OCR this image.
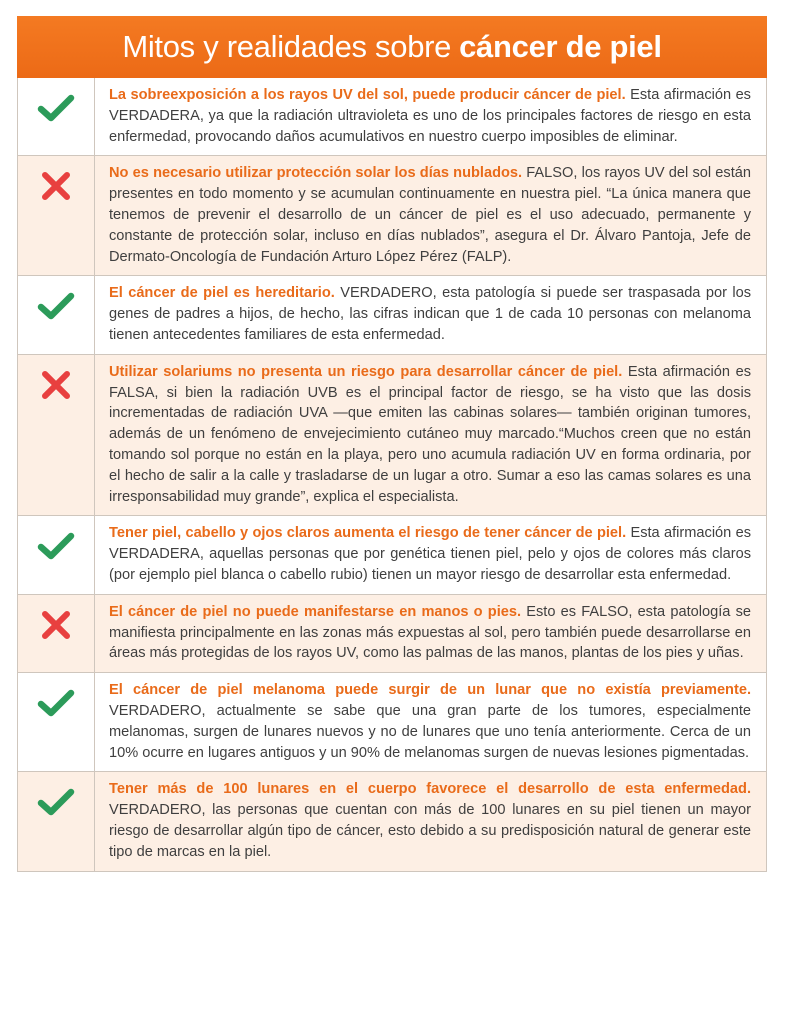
Mitos y realidades sobre cáncer de piel
La sobreexposición a los rayos UV del sol, puede producir cáncer de piel. Esta afirmación es VERDADERA, ya que la radiación ultravioleta es uno de los principales factores de riesgo en esta enfermedad, provocando daños acumulativos en nuestro cuerpo imposibles de eliminar.
No es necesario utilizar protección solar los días nublados. FALSO, los rayos UV del sol están presentes en todo momento y se acumulan continuamente en nuestra piel. “La única manera que tenemos de prevenir el desarrollo de un cáncer de piel es el uso adecuado, permanente y constante de protección solar, incluso en días nublados”, asegura el Dr. Álvaro Pantoja, Jefe de Dermato-Oncología de Fundación Arturo López Pérez (FALP).
El cáncer de piel es hereditario. VERDADERO, esta patología si puede ser traspasada por los genes de padres a hijos, de hecho, las cifras indican que 1 de cada 10 personas con melanoma tienen antecedentes familiares de esta enfermedad.
Utilizar solariums no presenta un riesgo para desarrollar cáncer de piel. Esta afirmación es FALSA, si bien la radiación UVB es el principal factor de riesgo, se ha visto que las dosis incrementadas de radiación UVA —que emiten las cabinas solares— también originan tumores, además de un fenómeno de envejecimiento cutáneo muy marcado.“Muchos creen que no están tomando sol porque no están en la playa, pero uno acumula radiación UV en forma ordinaria, por el hecho de salir a la calle y trasladarse de un lugar a otro. Sumar a eso las camas solares es una irresponsabilidad muy grande”, explica el especialista.
Tener piel, cabello y ojos claros aumenta el riesgo de tener cáncer de piel. Esta afirmación es VERDADERA, aquellas personas que por genética tienen piel, pelo y ojos de colores más claros (por ejemplo piel blanca o cabello rubio) tienen un mayor riesgo de desarrollar esta enfermedad.
El cáncer de piel no puede manifestarse en manos o pies. Esto es FALSO, esta patología se manifiesta principalmente en las zonas más expuestas al sol, pero también puede desarrollarse en áreas más protegidas de los rayos UV, como las palmas de las manos, plantas de los pies y uñas.
El cáncer de piel melanoma puede surgir de un lunar que no existía previamente. VERDADERO, actualmente se sabe que una gran parte de los tumores, especialmente melanomas, surgen de lunares nuevos y no de lunares que uno tenía anteriormente. Cerca de un 10% ocurre en lugares antiguos y un 90% de melanomas surgen de nuevas lesiones pigmentadas.
Tener más de 100 lunares en el cuerpo favorece el desarrollo de esta enfermedad. VERDADERO, las personas que cuentan con más de 100 lunares en su piel tienen un mayor riesgo de desarrollar algún tipo de cáncer, esto debido a su predisposición natural de generar este tipo de marcas en la piel.
